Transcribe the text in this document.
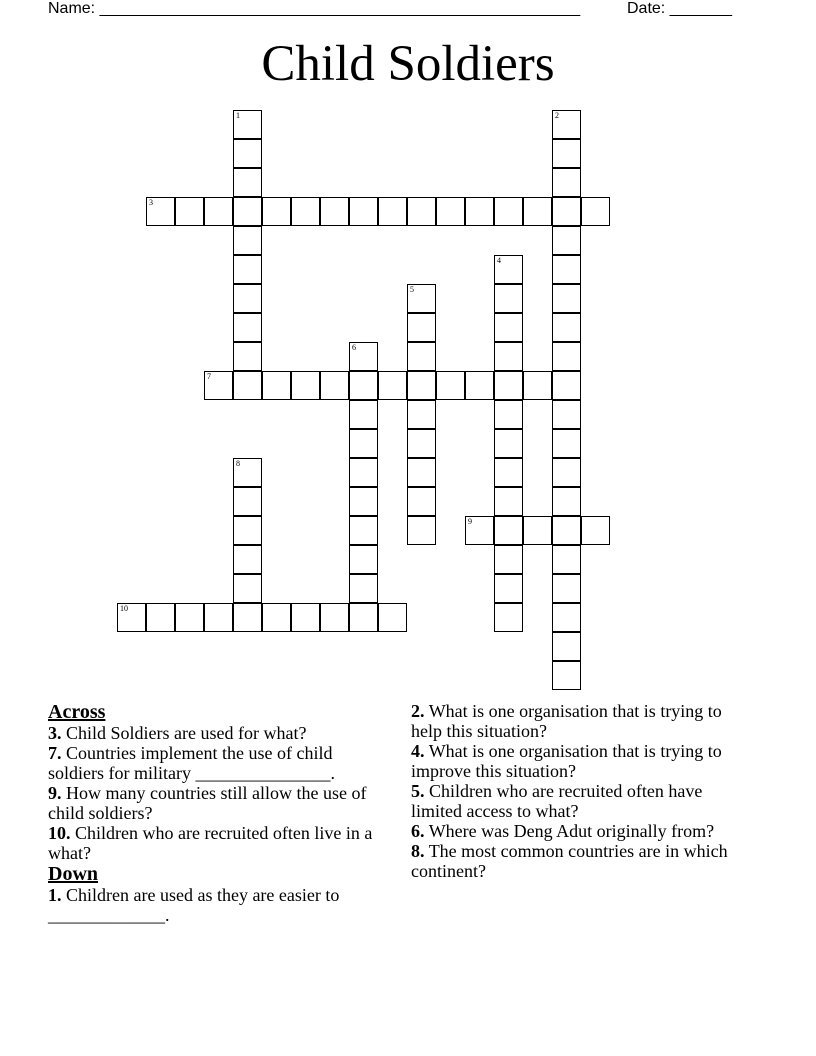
Name: ______________________________________________________	Date: _______
Child Soldiers
1	2
3
4
5
6
7
8
9
10
Across

3. Child Soldiers are used for what?

7. Countries implement the use of child soldiers for military _______________.

9. How many countries still allow the use of child soldiers?

10. Children who are recruited often live in a what?

Down

1. Children are used as they are easier to _____________.

2. What is one organisation that is trying to help this situation?

4. What is one organisation that is trying to improve this situation?

5. Children who are recruited often have limited access to what?

6. Where was Deng Adut originally from?

8. The most common countries are in which continent?
